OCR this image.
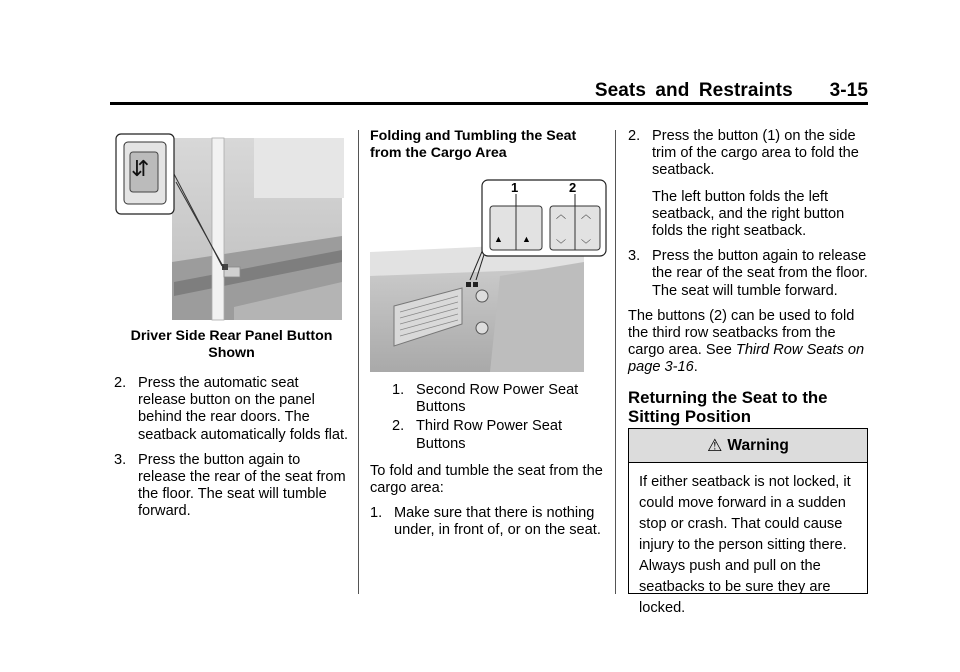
Seats and Restraints 3-15
⇵
Driver Side Rear Panel Button
Shown
2. Press the automatic seat release button on the panel behind the rear doors. The seatback automatically folds flat.
3. Press the button again to release the rear of the seat from the floor. The seat will tumble forward.
Folding and Tumbling the Seat from the Cargo Area
1	2
▲ ▲
︿
﹀
︿
﹀
1. Second Row Power Seat Buttons
2. Third Row Power Seat Buttons

To fold and tumble the seat from the cargo area:

1. Make sure that there is nothing under, in front of, or on the seat.
2. Press the button (1) on the side trim of the cargo area to fold the seatback.
The left button folds the left seatback, and the right button folds the right seatback.
3. Press the button again to release the rear of the seat from the floor. The seat will tumble forward.

The buttons (2) can be used to fold the third row seatbacks from the cargo area. See Third Row Seats on page 3-16.

Returning the Seat to the Sitting Position
⚠ Warning
If either seatback is not locked, it could move forward in a sudden stop or crash. That could cause injury to the person sitting there. Always push and pull on the seatbacks to be sure they are locked.
